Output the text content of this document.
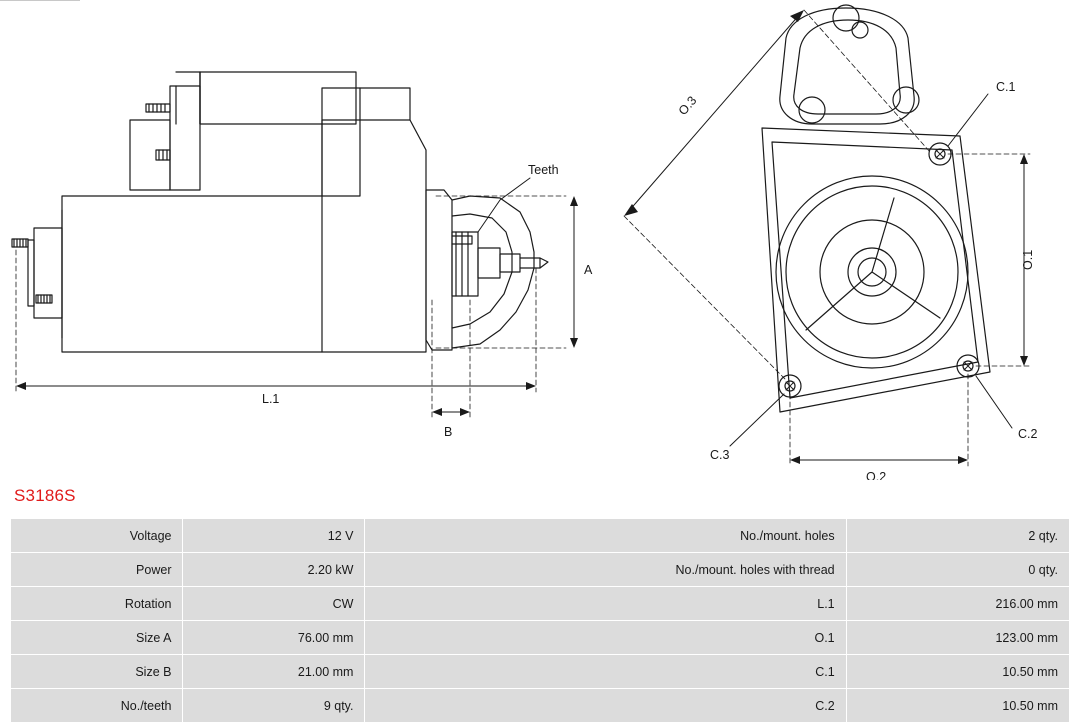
Teeth
A
B
L.1
O.3
O.1
O.2
C.1
C.2
C.3
S3186S
Voltage	12 V	No./mount. holes	2 qty.
Power	2.20 kW	No./mount. holes with thread	0 qty.
Rotation	CW	L.1	216.00 mm
Size A	76.00 mm	O.1	123.00 mm
Size B	21.00 mm	C.1	10.50 mm
No./teeth	9 qty.	C.2	10.50 mm
